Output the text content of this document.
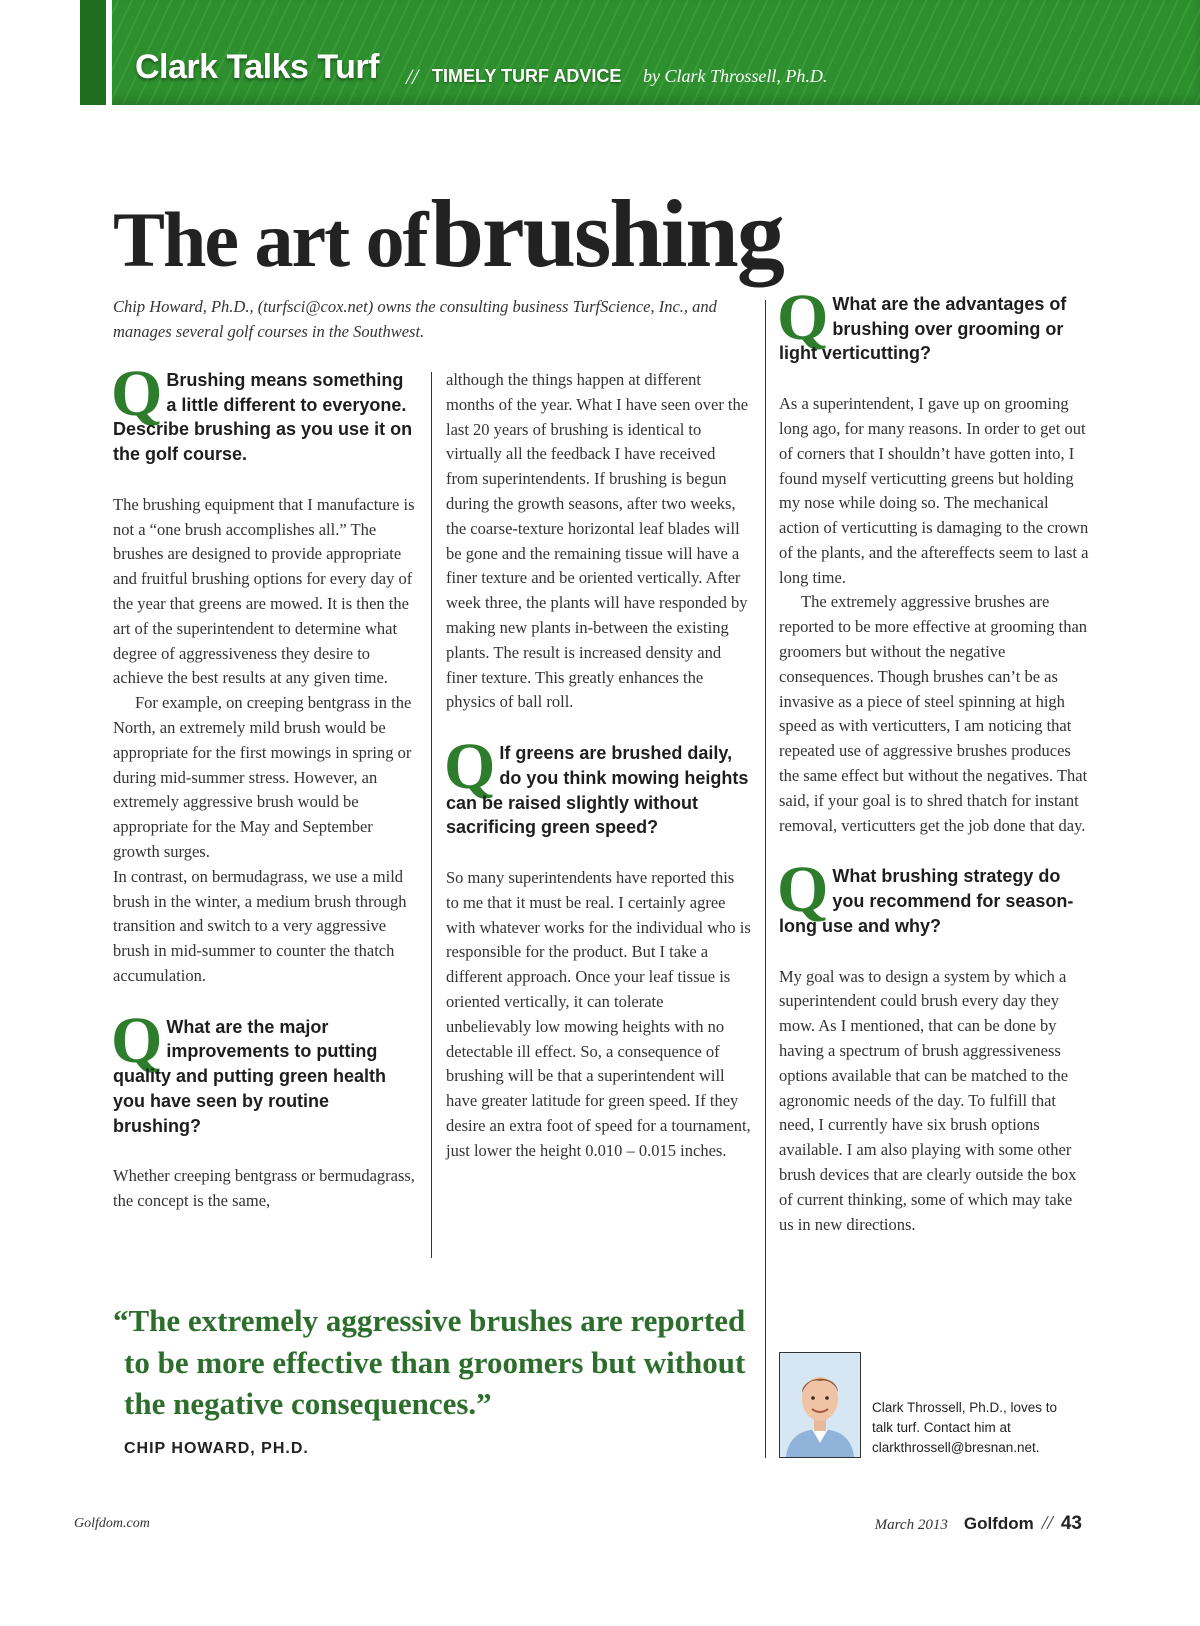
Clark Talks Turf // TIMELY TURF ADVICE by Clark Throssell, Ph.D.
The art of brushing
Chip Howard, Ph.D., (turfsci@cox.net) owns the consulting business TurfScience, Inc., and manages several golf courses in the Southwest.
Q Brushing means something a little different to everyone. Describe brushing as you use it on the golf course.

The brushing equipment that I manufacture is not a “one brush accomplishes all.” The brushes are designed to provide appropriate and fruitful brushing options for every day of the year that greens are mowed. It is then the art of the superintendent to determine what degree of aggressiveness they desire to achieve the best results at any given time.

For example, on creeping bentgrass in the North, an extremely mild brush would be appropriate for the first mowings in spring or during mid-summer stress. However, an extremely aggressive brush would be appropriate for the May and September growth surges.

In contrast, on bermudagrass, we use a mild brush in the winter, a medium brush through transition and switch to a very aggressive brush in mid-summer to counter the thatch accumulation.

Q What are the major improvements to putting quality and putting green health you have seen by routine brushing?

Whether creeping bentgrass or bermudagrass, the concept is the same,

although the things happen at different months of the year. What I have seen over the last 20 years of brushing is identical to virtually all the feedback I have received from superintendents. If brushing is begun during the growth seasons, after two weeks, the coarse-texture horizontal leaf blades will be gone and the remaining tissue will have a finer texture and be oriented vertically. After week three, the plants will have responded by making new plants in-between the existing plants. The result is increased density and finer texture. This greatly enhances the physics of ball roll.

Q If greens are brushed daily, do you think mowing heights can be raised slightly without sacrificing green speed?

So many superintendents have reported this to me that it must be real. I certainly agree with whatever works for the individual who is responsible for the product. But I take a different approach. Once your leaf tissue is oriented vertically, it can tolerate unbelievably low mowing heights with no detectable ill effect. So, a consequence of brushing will be that a superintendent will have greater latitude for green speed. If they desire an extra foot of speed for a tournament, just lower the height 0.010 – 0.015 inches.

Q What are the advantages of brushing over grooming or light verticutting?

As a superintendent, I gave up on grooming long ago, for many reasons. In order to get out of corners that I shouldn’t have gotten into, I found myself verticutting greens but holding my nose while doing so. The mechanical action of verticutting is damaging to the crown of the plants, and the aftereffects seem to last a long time.

The extremely aggressive brushes are reported to be more effective at grooming than groomers but without the negative consequences. Though brushes can’t be as invasive as a piece of steel spinning at high speed as with verticutters, I am noticing that repeated use of aggressive brushes produces the same effect but without the negatives. That said, if your goal is to shred thatch for instant removal, verticutters get the job done that day.

Q What brushing strategy do you recommend for season-long use and why?

My goal was to design a system by which a superintendent could brush every day they mow. As I mentioned, that can be done by having a spectrum of brush aggressiveness options available that can be matched to the agronomic needs of the day. To fulfill that need, I currently have six brush options available. I am also playing with some other brush devices that are clearly outside the box of current thinking, some of which may take us in new directions.

“The extremely aggressive brushes are reported to be more effective than groomers but without the negative consequences.”
CHIP HOWARD, PH.D.
Clark Throssell, Ph.D., loves to talk turf. Contact him at clarkthrossell@bresnan.net.
Golfdom.com	March 2013 Golfdom // 43
